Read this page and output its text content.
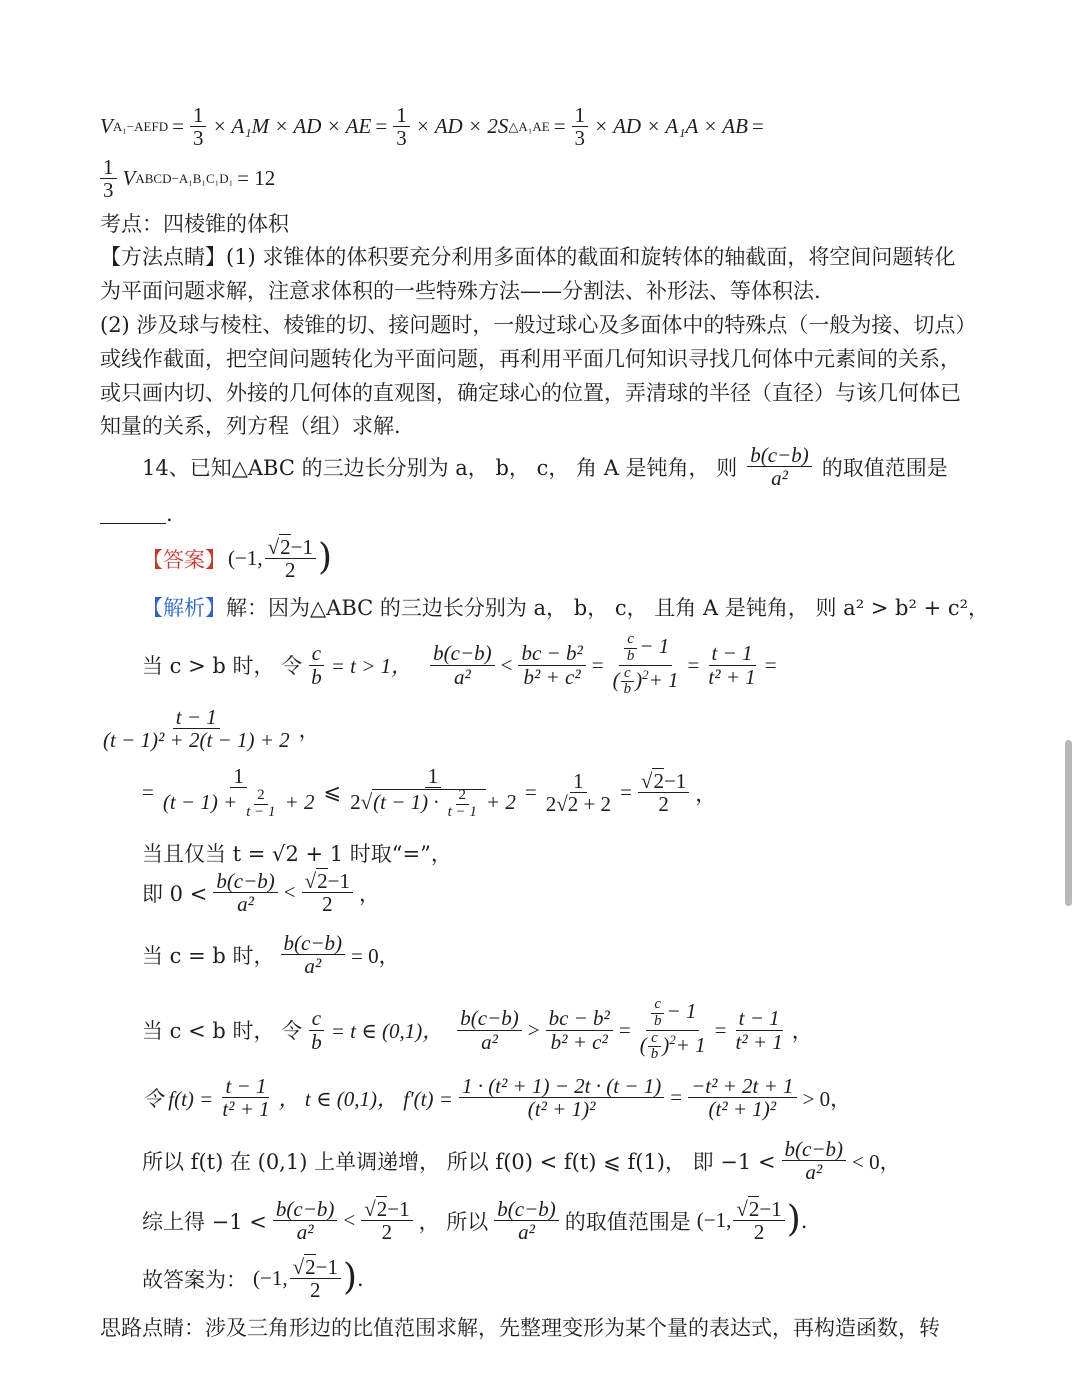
V A₁−AEFD = $\frac{1}{3} \times A_1M$ × AD × AE = $\frac{1}{3}$ × AD × 2S △A₁AE = $\frac{1}{3}$ × AD × A₁A × AB =
$\frac{1}{3}$ V ABCD−A₁B₁C₁D₁ = 12
考点：四棱锥的体积
【方法点睛】(1) 求锥体的体积要充分利用多面体的截面和旋转体的轴截面，将空间问题转化
为平面问题求解，注意求体积的一些特殊方法——分割法、补形法、等体积法.
(2) 涉及球与棱柱、棱锥的切、接问题时，一般过球心及多面体中的特殊点（一般为接、切点）
或线作截面，把空间问题转化为平面问题，再利用平面几何知识寻找几何体中元素间的关系，
或只画内切、外接的几何体的直观图，确定球心的位置，弄清球的半径（直径）与该几何体已
知量的关系，列方程（组）求解.
14、已知△ABC 的三边长分别为 a， b， c， 角 A 是钝角， 则 $\frac{b(c-b)}{\text{a²}}$ 的取值范围是
.
【答案】 (−1, $\frac{√2-1}{2}$ )
【解析】 解：因为△ABC 的三边长分别为 a， b， c， 且角 A 是钝角， 则 a² > b² + c²，
当 c > b 时， 令 $\frac{c}{b} = t > 1$， $\frac{b(c-b)}{\text{a²}} < \frac{\text{bc − b²}}{\text{b² + c²}} = \frac{\frac{c}{b} - 1}{( \frac{c}{b} )^2+ 1} = \frac{t - 1}{\text{t² + 1}}$ =
$\frac{t - 1}{\text{(t − 1)² + 2(t − 1) + 2}}$ ，
= $\frac{1}{(t - 1) + \frac{2}{t - 1} + 2}$ ⩽ $\frac{1}{2√(t - 1) \cdot \frac{2}{t - 1} + 2} = \frac{1}{2√2 + 2} = \frac{√2-1}{2}$ ，
当且仅当 t = √2 + 1 时取“=”，
即 $0 < \frac{b(c-b)}{\text{a²}} < \frac{√2-1}{2}$ ，
当 c = b 时， $\frac{b(c-b)}{\text{a²}} = 0$，
当 c < b 时， 令 $\frac{c}{b} = t$ ∈ (0,1)， $\frac{b(c-b)}{\text{a²}} > \frac{\text{bc − b²}}{\text{b² + c²}} = \frac{\frac{c}{b} - 1}{( \frac{c}{b} )^2+ 1} = \frac{t - 1}{\text{t² + 1}}$ ，
令 $f(t) = \frac{t - 1}{\text{t² + 1}}$ ， t ∈ (0,1)， $f'(t) = \frac{\text{1 · (t² + 1) − 2t · (t − 1)}}{\text{(t² + 1)²}} = \frac{\text{−t² + 2t + 1}}{\text{(t² + 1)²}} > 0$，
所以 f(t) 在 (0,1) 上单调递增， 所以 f(0) < f(t) ⩽ f(1)， 即 $-1 < \frac{b(c-b)}{\text{a²}} < 0$，
综上得 $-1 < \frac{b(c-b)}{\text{a²}} < \frac{√2-1}{2}$ ， 所以 $\frac{b(c-b)}{\text{a²}}$ 的取值范围是 (−1, $\frac{√2-1}{2}$ ) .
故答案为： (−1, $\frac{√2-1}{2}$ ) .
思路点睛：涉及三角形边的比值范围求解，先整理变形为某个量的表达式，再构造函数，转
